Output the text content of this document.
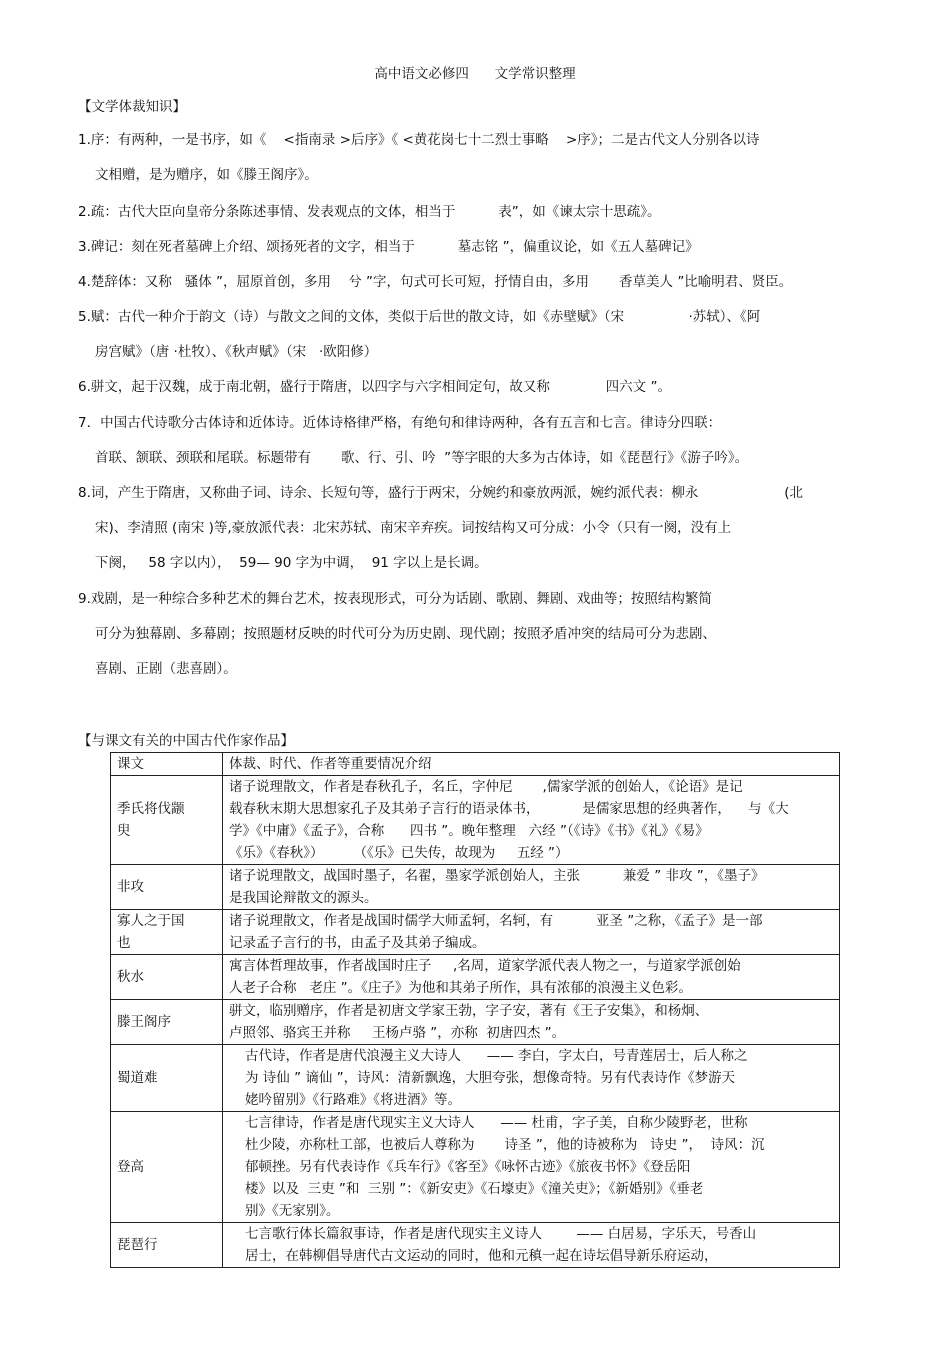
高中语文必修四      文学常识整理
【文学体裁知识】
1.序：有两种，一是书序，如《    <指南录 >后序》《 <黄花岗七十二烈士事略    >序》；二是古代文人分别各以诗
文相赠，是为赠序，如《滕王阁序》。
2.疏：古代大臣向皇帝分条陈述事情、发表观点的文体，相当于          表”，如《谏太宗十思疏》。
3.碑记：刻在死者墓碑上介绍、颂扬死者的文字，相当于          墓志铭 ”，偏重议论，如《五人墓碑记》
4.楚辞体：又称   骚体 ”，屈原首创，多用    兮 ”字，句式可长可短，抒情自由，多用       香草美人 ”比喻明君、贤臣。
5.赋：古代一种介于韵文（诗）与散文之间的文体，类似于后世的散文诗，如《赤壁赋》（宋               ·苏轼）、《阿
房宫赋》（唐 ·杜牧）、《秋声赋》（宋   ·欧阳修）
6.骈文，起于汉魏，成于南北朝，盛行于隋唐，以四字与六字相间定句，故又称             四六文 ”。
7．中国古代诗歌分古体诗和近体诗。近体诗格律严格，有绝句和律诗两种，各有五言和七言。律诗分四联：
首联、颔联、颈联和尾联。标题带有       歌、行、引、吟  ”等字眼的大多为古体诗，如《琵琶行》《游子吟》。
8.词，产生于隋唐，又称曲子词、诗余、长短句等，盛行于两宋，分婉约和豪放两派，婉约派代表：柳永                    (北
宋)、李清照 (南宋 )等,豪放派代表：北宋苏轼、南宋辛弃疾。词按结构又可分成：小令（只有一阕，没有上
下阕，   58 字以内），  59— 90 字为中调，  91 字以上是长调。
9.戏剧，是一种综合多种艺术的舞台艺术，按表现形式，可分为话剧、歌剧、舞剧、戏曲等；按照结构繁简
可分为独幕剧、多幕剧；按照题材反映的时代可分为历史剧、现代剧；按照矛盾冲突的结局可分为悲剧、
喜剧、正剧（悲喜剧）。
【与课文有关的中国古代作家作品】
课文	体裁、时代、作者等重要情况介绍

季氏将伐颛
臾	诸子说理散文，作者是春秋孔子，名丘，字仲尼       ,儒家学派的创始人，《论语》是记
载春秋末期大思想家孔子及其弟子言行的语录体书，          是儒家思想的经典著作，    与《大
学》《中庸》《孟子》，合称      四书 ”。晚年整理   六经 ”（《诗》《书》《礼》《易》
《乐》《春秋》）       （《乐》已失传，故现为     五经 ”）

非攻	诸子说理散文，战国时墨子，名翟，墨家学派创始人，主张          兼爱 ” 非攻 ”，《墨子》
是我国论辩散文的源头。

寡人之于国
也	诸子说理散文，作者是战国时儒学大师孟轲，名轲，有          亚圣 ”之称，《孟子》是一部
记录孟子言行的书，由孟子及其弟子编成。

秋水	寓言体哲理故事，作者战国时庄子     ,名周，道家学派代表人物之一，与道家学派创始
人老子合称   老庄 ”。《庄子》为他和其弟子所作，具有浓郁的浪漫主义色彩。

滕王阁序	骈文，临别赠序，作者是初唐文学家王勃，字子安，著有《王子安集》，和杨炯、
卢照邻、骆宾王并称     王杨卢骆 ”，亦称  初唐四杰 ”。

蜀道难	古代诗，作者是唐代浪漫主义大诗人      —— 李白，字太白，号青莲居士，后人称之
为 诗仙 ” 谪仙 ”，诗风：清新飘逸，大胆夸张，想像奇特。另有代表诗作《梦游天
姥吟留别》《行路难》《将进酒》等。

登高	七言律诗，作者是唐代现实主义大诗人      —— 杜甫，字子美，自称少陵野老，世称
杜少陵，亦称杜工部，也被后人尊称为       诗圣 ”，他的诗被称为   诗史 ”，  诗风：沉
郁顿挫。另有代表诗作《兵车行》《客至》《咏怀古迹》《旅夜书怀》《登岳阳
楼》以及  三吏 ”和  三别 ”：《新安吏》《石壕吏》《潼关吏》；《新婚别》《垂老
别》《无家别》。

琵琶行	七言歌行体长篇叙事诗，作者是唐代现实主义诗人        —— 白居易，字乐天，号香山
居士，在韩柳倡导唐代古文运动的同时，他和元稹一起在诗坛倡导新乐府运动，
